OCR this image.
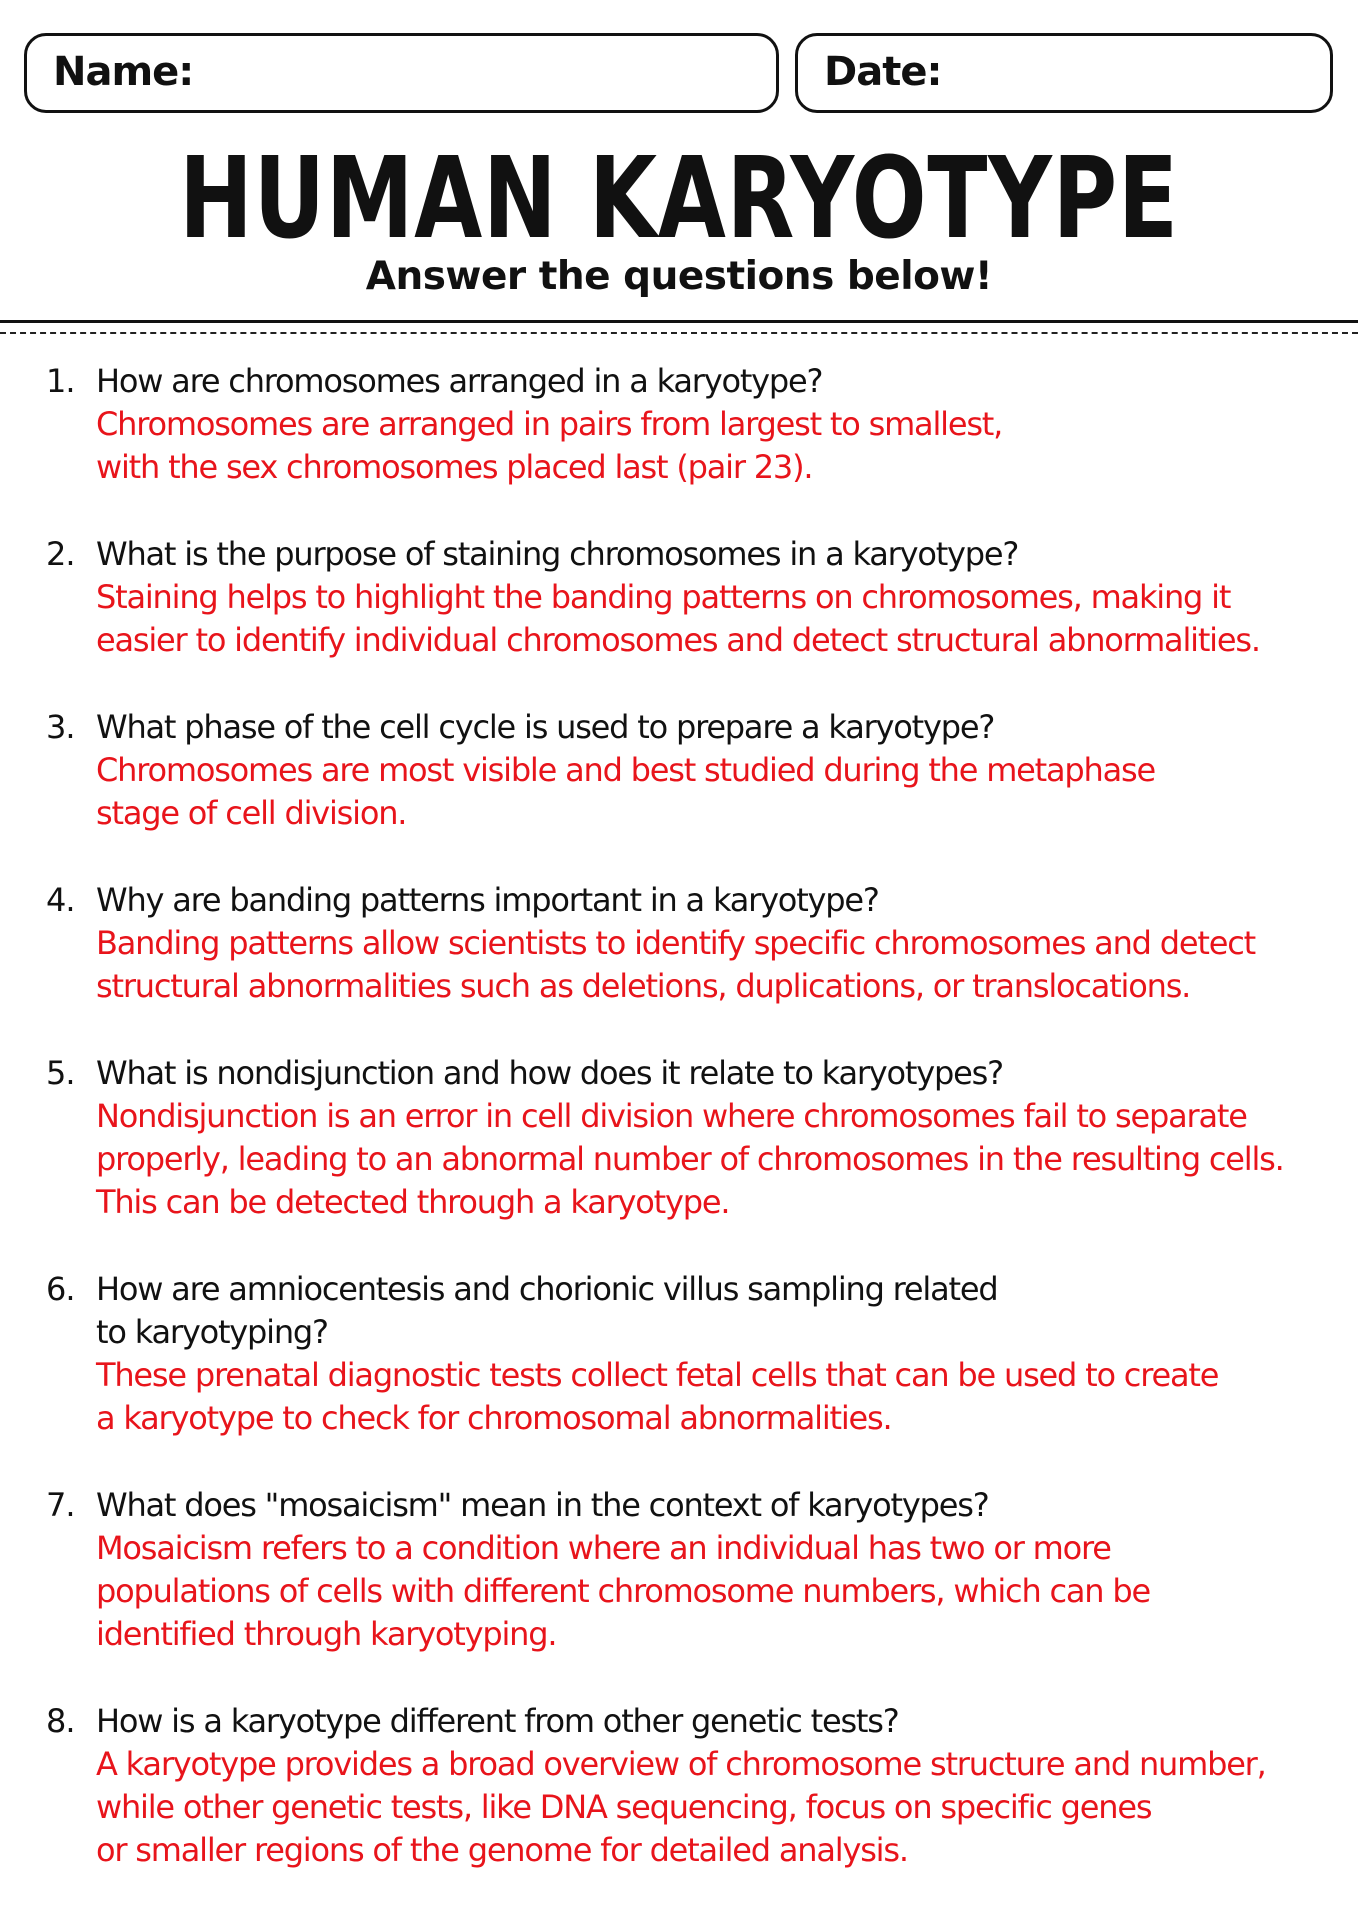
Name:	Date:
HUMAN KARYOTYPE
Answer the questions below!
1. How are chromosomes arranged in a karyotype?
Chromosomes are arranged in pairs from largest to smallest,
with the sex chromosomes placed last (pair 23).
2. What is the purpose of staining chromosomes in a karyotype?
Staining helps to highlight the banding patterns on chromosomes, making it
easier to identify individual chromosomes and detect structural abnormalities.
3. What phase of the cell cycle is used to prepare a karyotype?
Chromosomes are most visible and best studied during the metaphase
stage of cell division.
4. Why are banding patterns important in a karyotype?
Banding patterns allow scientists to identify specific chromosomes and detect
structural abnormalities such as deletions, duplications, or translocations.
5. What is nondisjunction and how does it relate to karyotypes?
Nondisjunction is an error in cell division where chromosomes fail to separate
properly, leading to an abnormal number of chromosomes in the resulting cells.
This can be detected through a karyotype.
6. How are amniocentesis and chorionic villus sampling related
to karyotyping?
These prenatal diagnostic tests collect fetal cells that can be used to create
a karyotype to check for chromosomal abnormalities.
7. What does "mosaicism" mean in the context of karyotypes?
Mosaicism refers to a condition where an individual has two or more
populations of cells with different chromosome numbers, which can be
identified through karyotyping.
8. How is a karyotype different from other genetic tests?
A karyotype provides a broad overview of chromosome structure and number,
while other genetic tests, like DNA sequencing, focus on specific genes
or smaller regions of the genome for detailed analysis.
